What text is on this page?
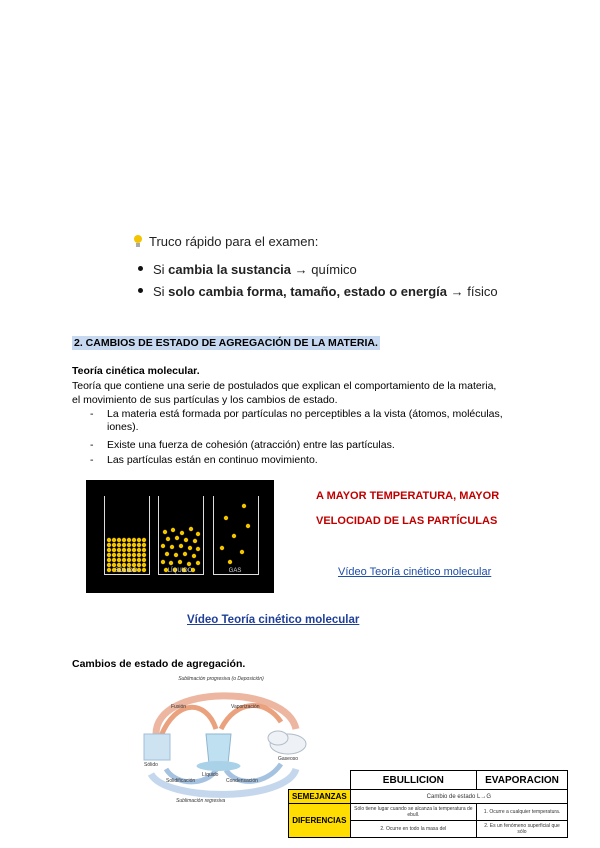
Truco rápido para el examen:
Si cambia la sustancia → químico
Si solo cambia forma, tamaño, estado o energía → físico
2. CAMBIOS DE ESTADO DE AGREGACIÓN DE LA MATERIA.
Teoría cinética molecular.
Teoría que contiene una serie de postulados que explican el comportamiento de la materia,
el movimiento de sus partículas y los cambios de estado.
- La materia está formada por partículas no perceptibles a la vista (átomos, moléculas,
iones).
- Existe una fuerza de cohesión (atracción) entre las partículas.
- Las partículas están en continuo movimiento.
SÓLIDO	LÍQUIDO	GAS
A MAYOR TEMPERATURA, MAYOR
VELOCIDAD DE LAS PARTÍCULAS
Vídeo Teoría cinético molecular
Vídeo Teoría cinético molecular
Cambios de estado de agregación.
Sublimación progresiva (o Deposición)
Fusión	Vaporización
Solidificación	Condensación
Sublimación regresiva
Sólido
Líquido
Gaseoso
	EBULLICION	EVAPORACION
SEMEJANZAS	Cambio de estado L→G	
DIFERENCIAS	Sólo tiene lugar cuando se alcanza la temperatura de ebull.	1. Ocurre a cualquier temperatura.
	2. Ocurre en todo la masa del	2. Es un fenómeno superficial que sólo
